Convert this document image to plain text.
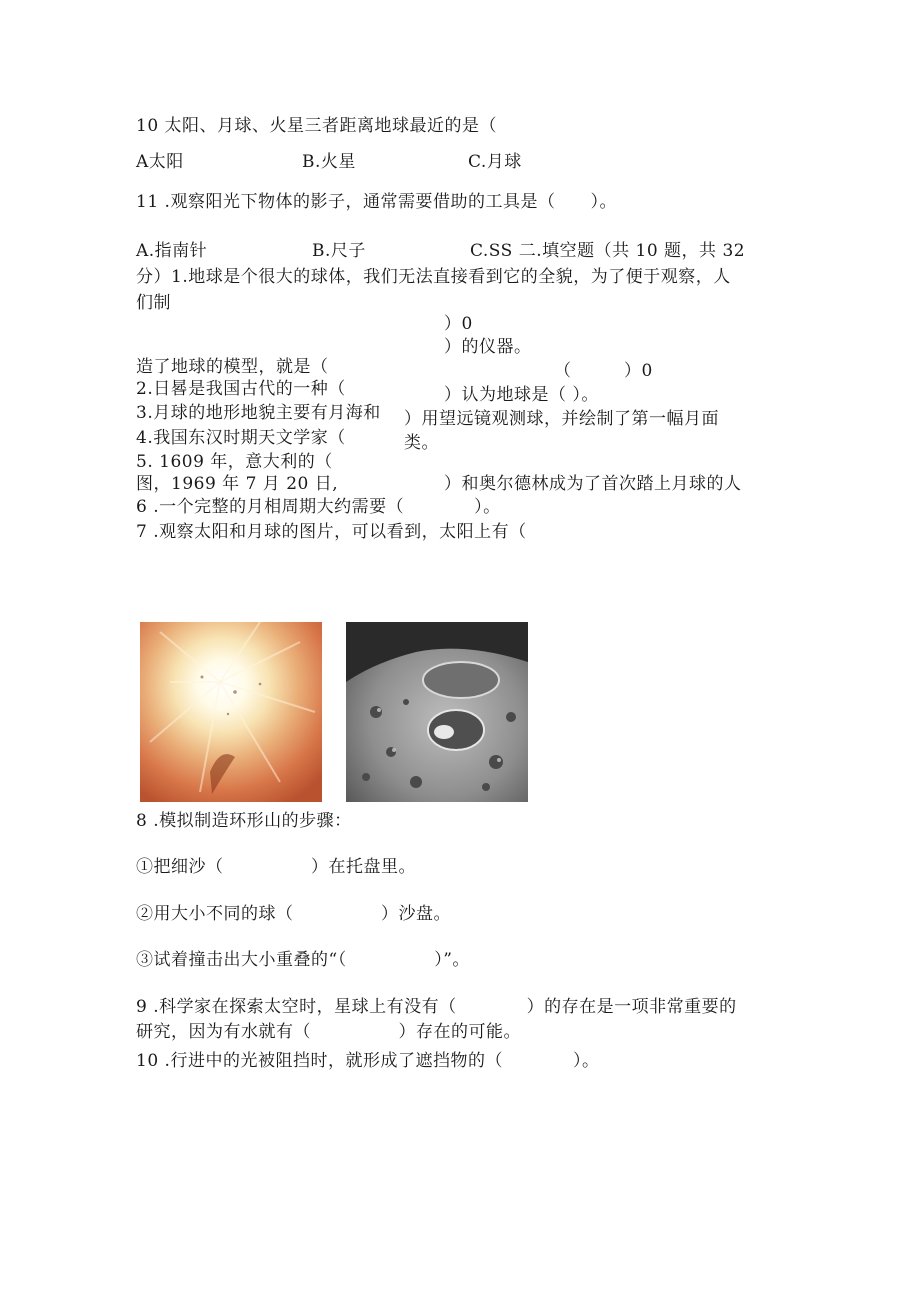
10 太阳、月球、火星三者距离地球最近的是（
A太阳	B.火星	C.月球
11 .观察阳光下物体的影子，通常需要借助的工具是（　　）。
A.指南针	B.尺子	C.SS 二.填空题（共 10 题，共 32
分）1.地球是个很大的球体，我们无法直接看到它的全貌，为了便于观察，人
们制
）0
）的仪器。
造了地球的模型，就是（	（　　　）0
2.日晷是我国古代的一种（	）认为地球是（ ）。
3.月球的地形地貌主要有月海和 ）用望远镜观测球，并绘制了第一幅月面
4.我国东汉时期天文学家（	类。
5. 1609 年，意大利的（
图，1969 年 7 月 20 日,	）和奥尔德林成为了首次踏上月球的人
6 .一个完整的月相周期大约需要（　　　　）。
7 .观察太阳和月球的图片，可以看到，太阳上有（
8 .模拟制造环形山的步骤：
①把细沙（　　　　　）在托盘里。
②用大小不同的球（　　　　　）沙盘。
③试着撞击出大小重叠的“（　　　　　）”。
9 .科学家在探索太空时，星球上有没有（　　　　）的存在是一项非常重要的
研究，因为有水就有（　　　　　）存在的可能。
10 .行进中的光被阻挡时，就形成了遮挡物的（　　　　）。
